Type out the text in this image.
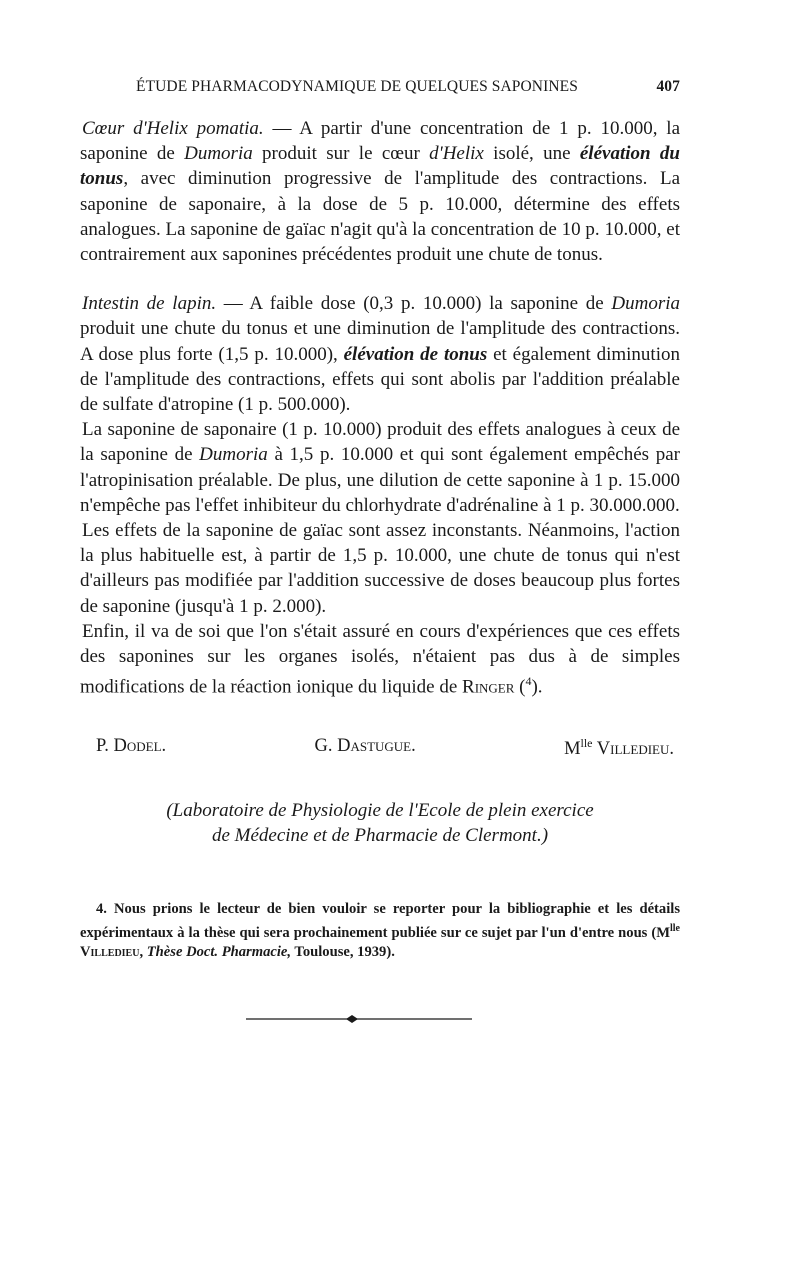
ÉTUDE PHARMACODYNAMIQUE DE QUELQUES SAPONINES	407

Cœur d'Helix pomatia. — A partir d'une concentration de 1 p. 10.000, la saponine de Dumoria produit sur le cœur d'Helix isolé, une élévation du tonus, avec diminution progressive de l'amplitude des contractions. La saponine de saponaire, à la dose de 5 p. 10.000, détermine des effets analogues. La saponine de gaïac n'agit qu'à la concentration de 10 p. 10.000, et contrairement aux saponines précédentes produit une chute de tonus.

Intestin de lapin. — A faible dose (0,3 p. 10.000) la saponine de Dumoria produit une chute du tonus et une diminution de l'amplitude des contractions. A dose plus forte (1,5 p. 10.000), élévation de tonus et également diminution de l'amplitude des contractions, effets qui sont abolis par l'addition préalable de sulfate d'atropine (1 p. 500.000).

La saponine de saponaire (1 p. 10.000) produit des effets analogues à ceux de la saponine de Dumoria à 1,5 p. 10.000 et qui sont également empêchés par l'atropinisation préalable. De plus, une dilution de cette saponine à 1 p. 15.000 n'empêche pas l'effet inhibiteur du chlorhydrate d'adrénaline à 1 p. 30.000.000.

Les effets de la saponine de gaïac sont assez inconstants. Néanmoins, l'action la plus habituelle est, à partir de 1,5 p. 10.000, une chute de tonus qui n'est d'ailleurs pas modifiée par l'addition successive de doses beaucoup plus fortes de saponine (jusqu'à 1 p. 2.000).

Enfin, il va de soi que l'on s'était assuré en cours d'expériences que ces effets des saponines sur les organes isolés, n'étaient pas dus à de simples modifications de la réaction ionique du liquide de Ringer ($^4$).

P. Dodel.	G. Dastugue.	$M^{lle}$ Villedieu.
(Laboratoire de Physiologie de l'Ecole de plein exercice
de Médecine et de Pharmacie de Clermont.)
4. Nous prions le lecteur de bien vouloir se reporter pour la bibliographie et les détails expérimentaux à la thèse qui sera prochainement publiée sur ce sujet par l'un d'entre nous ($M^{lle}$ Villedieu, Thèse Doct. Pharmacie, Toulouse, 1939).
